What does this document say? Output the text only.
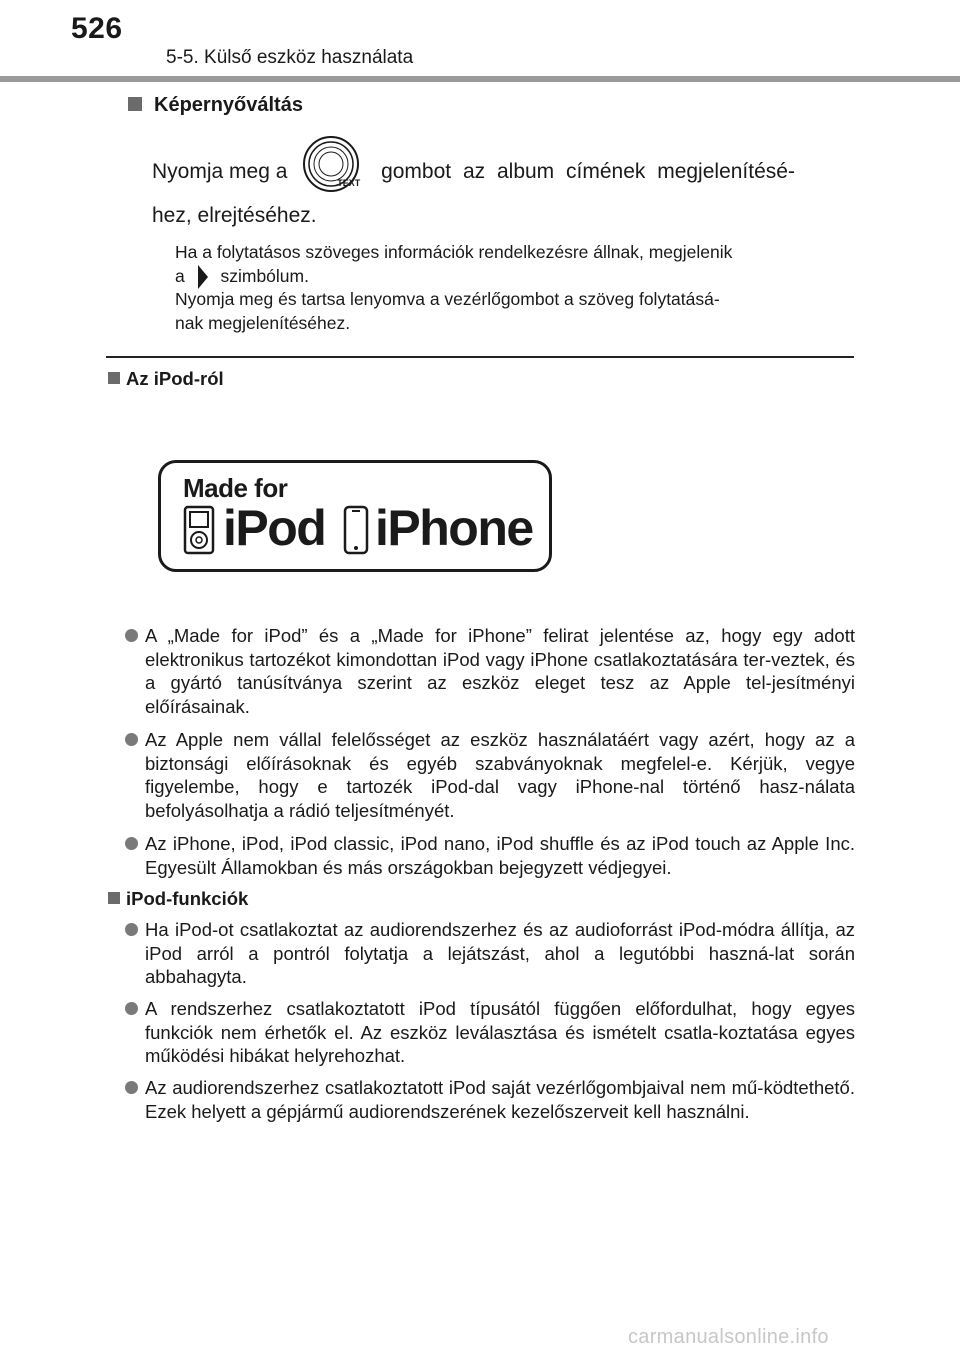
526
5-5. Külső eszköz használata
Képernyőváltás
Nyomja meg a
TEXT
gombot az album címének megjelenítésé-
hez, elrejtéséhez.
Ha a folytatásos szöveges információk rendelkezésre állnak, megjelenik
a szimbólum.
Nyomja meg és tartsa lenyomva a vezérlőgombot a szöveg folytatásá-
nak megjelenítéséhez.
Az iPod-ról
Made for
iPod iPhone
A „Made for iPod” és a „Made for iPhone” felirat jelentése az, hogy egy adott elektronikus tartozékot kimondottan iPod vagy iPhone csatlakoztatására ter-veztek, és a gyártó tanúsítványa szerint az eszköz eleget tesz az Apple tel-jesítményi előírásainak.
Az Apple nem vállal felelősséget az eszköz használatáért vagy azért, hogy az a biztonsági előírásoknak és egyéb szabványoknak megfelel-e. Kérjük, vegye figyelembe, hogy e tartozék iPod-dal vagy iPhone-nal történő hasz-nálata befolyásolhatja a rádió teljesítményét.
Az iPhone, iPod, iPod classic, iPod nano, iPod shuffle és az iPod touch az Apple Inc. Egyesült Államokban és más országokban bejegyzett védjegyei.
iPod-funkciók
Ha iPod-ot csatlakoztat az audiorendszerhez és az audioforrást iPod-módra állítja, az iPod arról a pontról folytatja a lejátszást, ahol a legutóbbi haszná-lat során abbahagyta.
A rendszerhez csatlakoztatott iPod típusától függően előfordulhat, hogy egyes funkciók nem érhetők el. Az eszköz leválasztása és ismételt csatla-koztatása egyes működési hibákat helyrehozhat.
Az audiorendszerhez csatlakoztatott iPod saját vezérlőgombjaival nem mű-ködtethető. Ezek helyett a gépjármű audiorendszerének kezelőszerveit kell használni.
carmanualsonline.info
